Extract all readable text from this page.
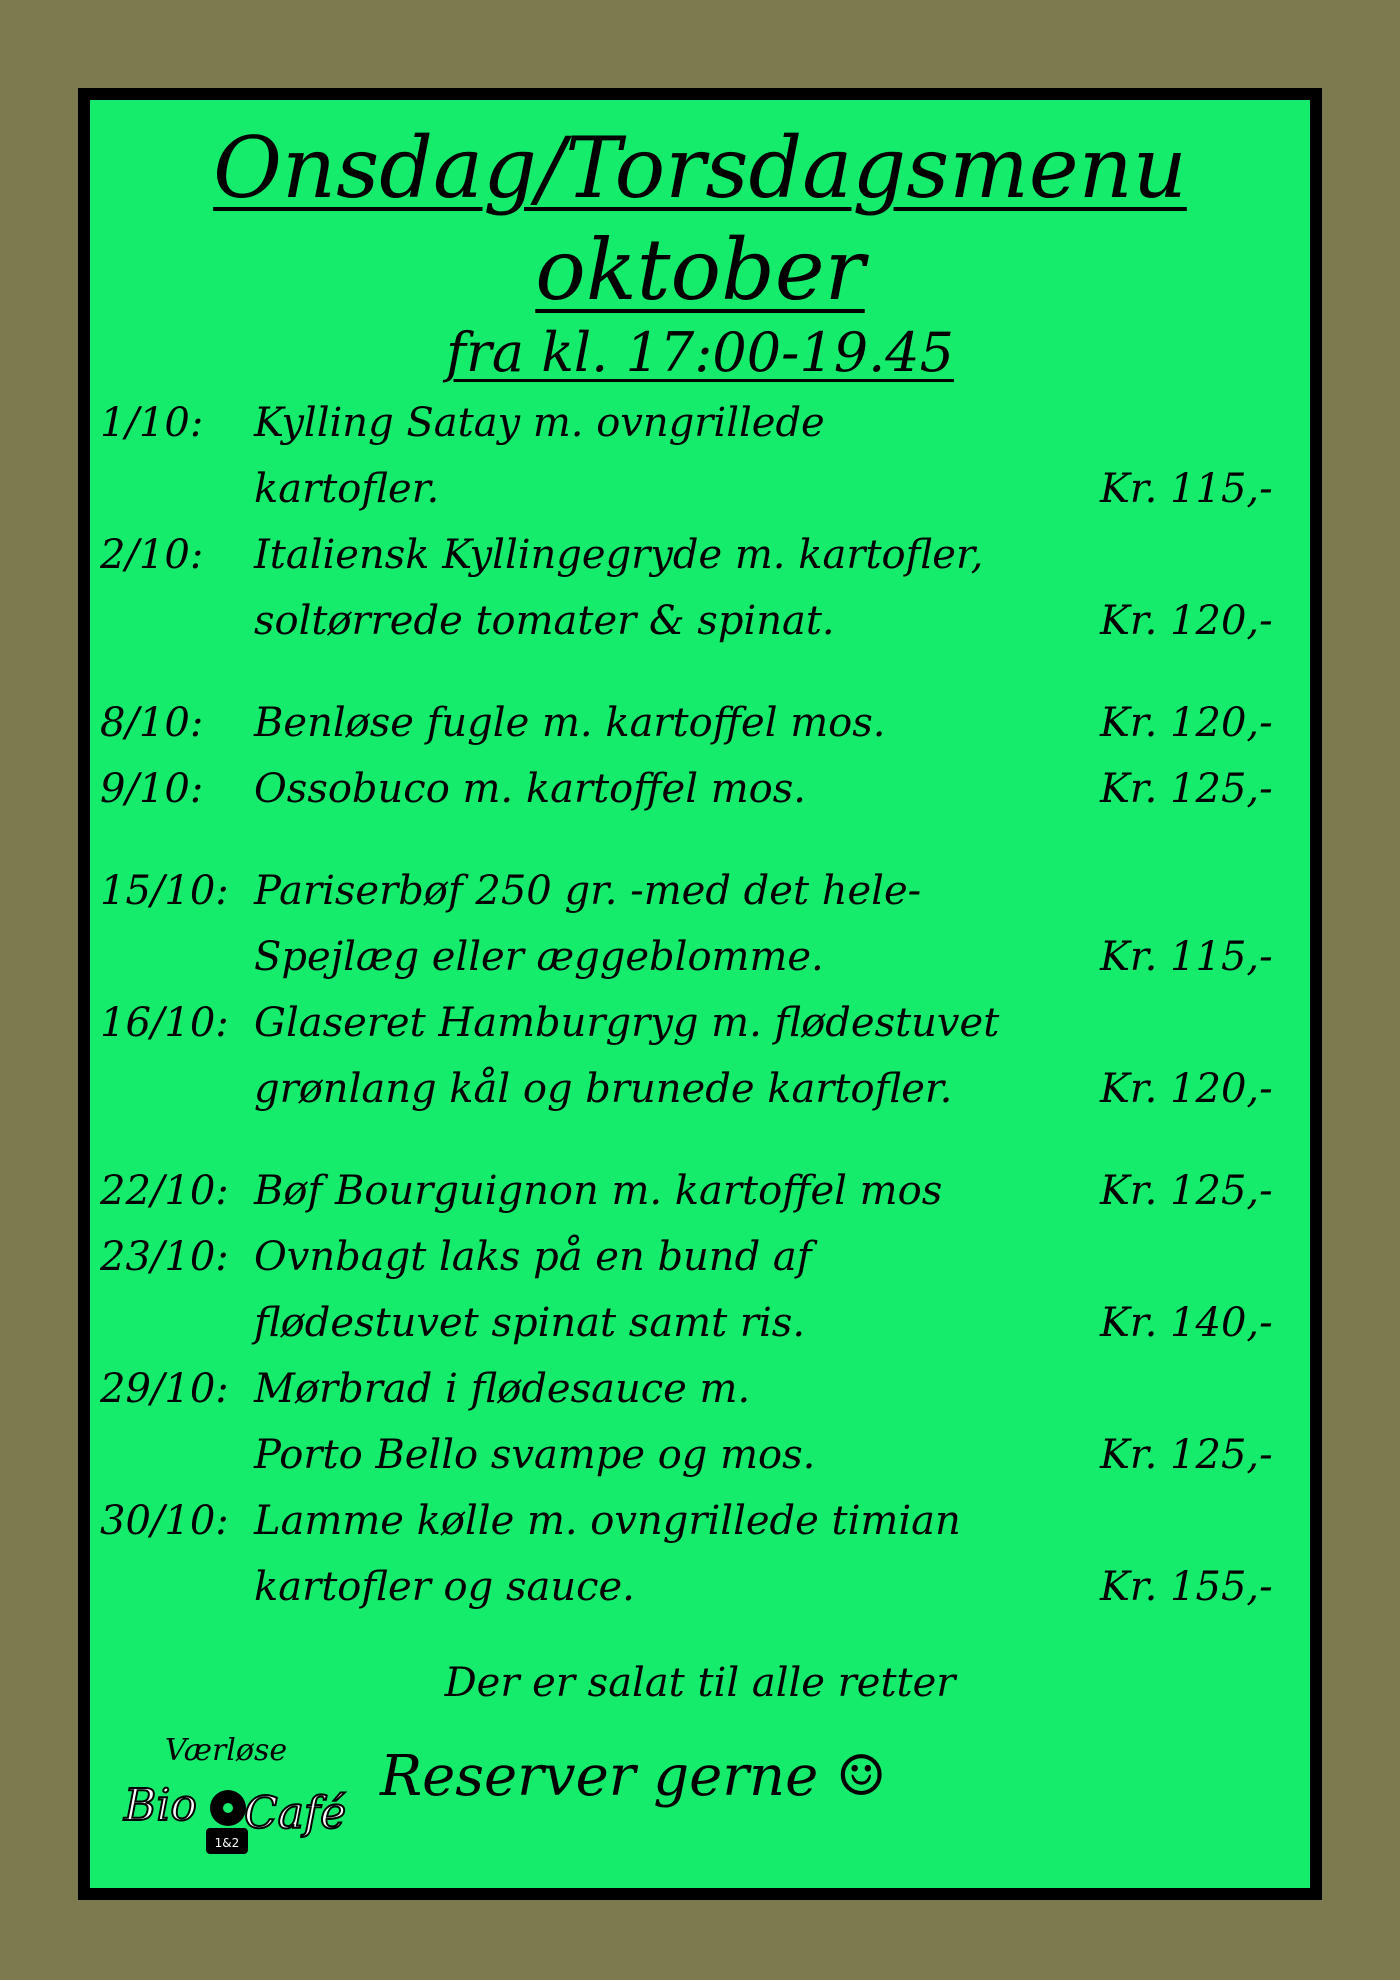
Onsdag/Torsdagsmenu
oktober
fra kl. 17:00-19.45
1/10: Kylling Satay m. ovngrillede
kartofler.	Kr. 115,-
2/10: Italiensk Kyllingegryde m. kartofler,
soltørrede tomater & spinat.	Kr. 120,-
8/10: Benløse fugle m. kartoffel mos.	Kr. 120,-
9/10: Ossobuco m. kartoffel mos.	Kr. 125,-
15/10: Pariserbøf 250 gr. -med det hele-
Spejlæg eller æggeblomme.	Kr. 115,-
16/10: Glaseret Hamburgryg m. flødestuvet
grønlang kål og brunede kartofler.	Kr. 120,-
22/10: Bøf Bourguignon m. kartoffel mos	Kr. 125,-
23/10: Ovnbagt laks på en bund af
flødestuvet spinat samt ris.	Kr. 140,-
29/10: Mørbrad i flødesauce m.
Porto Bello svampe og mos.	Kr. 125,-
30/10: Lamme kølle m. ovngrillede timian
kartofler og sauce.	Kr. 155,-
Der er salat til alle retter
Værløse
Bio
1&2
Café
Reserver gerne ☺
